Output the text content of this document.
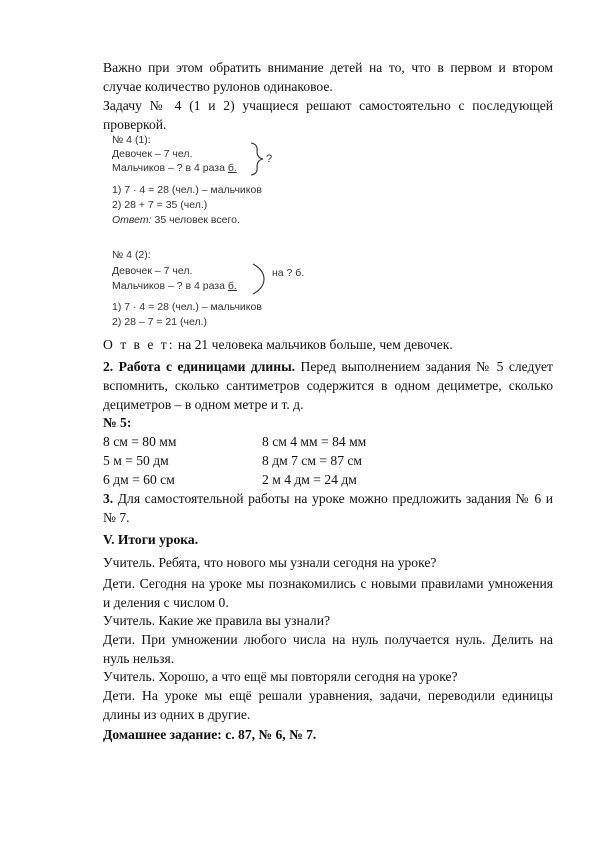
Важно при этом обратить внимание детей на то, что в первом и втором случае количество рулонов одинаковое.

Задачу № 4 (1 и 2) учащиеся решают самостоятельно с последующей проверкой.

№ 4 (1):
Девочек – 7 чел.
Мальчиков – ? в 4 раза б.
?
1) 7 · 4 = 28 (чел.) – мальчиков
2) 28 + 7 = 35 (чел.)
Ответ: 35 человек всего.
№ 4 (2):
Девочек – 7 чел.
Мальчиков – ? в 4 раза б.
на ? б.
1) 7 · 4 = 28 (чел.) – мальчиков
2) 28 – 7 = 21 (чел.)

О т в е т: на 21 человека мальчиков больше, чем девочек.

2. Работа с единицами длины. Перед выполнением задания № 5 следует вспомнить, сколько сантиметров содержится в одном дециметре, сколько дециметров – в одном метре и т. д.

№ 5:
8 см = 80 мм	8 см 4 мм = 84 мм
5 м = 50 дм	8 дм 7 см = 87 см
6 дм = 60 см	2 м 4 дм = 24 дм

3. Для самостоятельной работы на уроке можно предложить задания № 6 и № 7.

V. Итоги урока.

Учитель. Ребята, что нового мы узнали сегодня на уроке?

Дети. Сегодня на уроке мы познакомились с новыми правилами умножения и деления с числом 0.

Учитель. Какие же правила вы узнали?

Дети. При умножении любого числа на нуль получается нуль. Делить на нуль нельзя.

Учитель. Хорошо, а что ещё мы повторяли сегодня на уроке?

Дети. На уроке мы ещё решали уравнения, задачи, переводили единицы длины из одних в другие.

Домашнее задание: с. 87, № 6, № 7.
